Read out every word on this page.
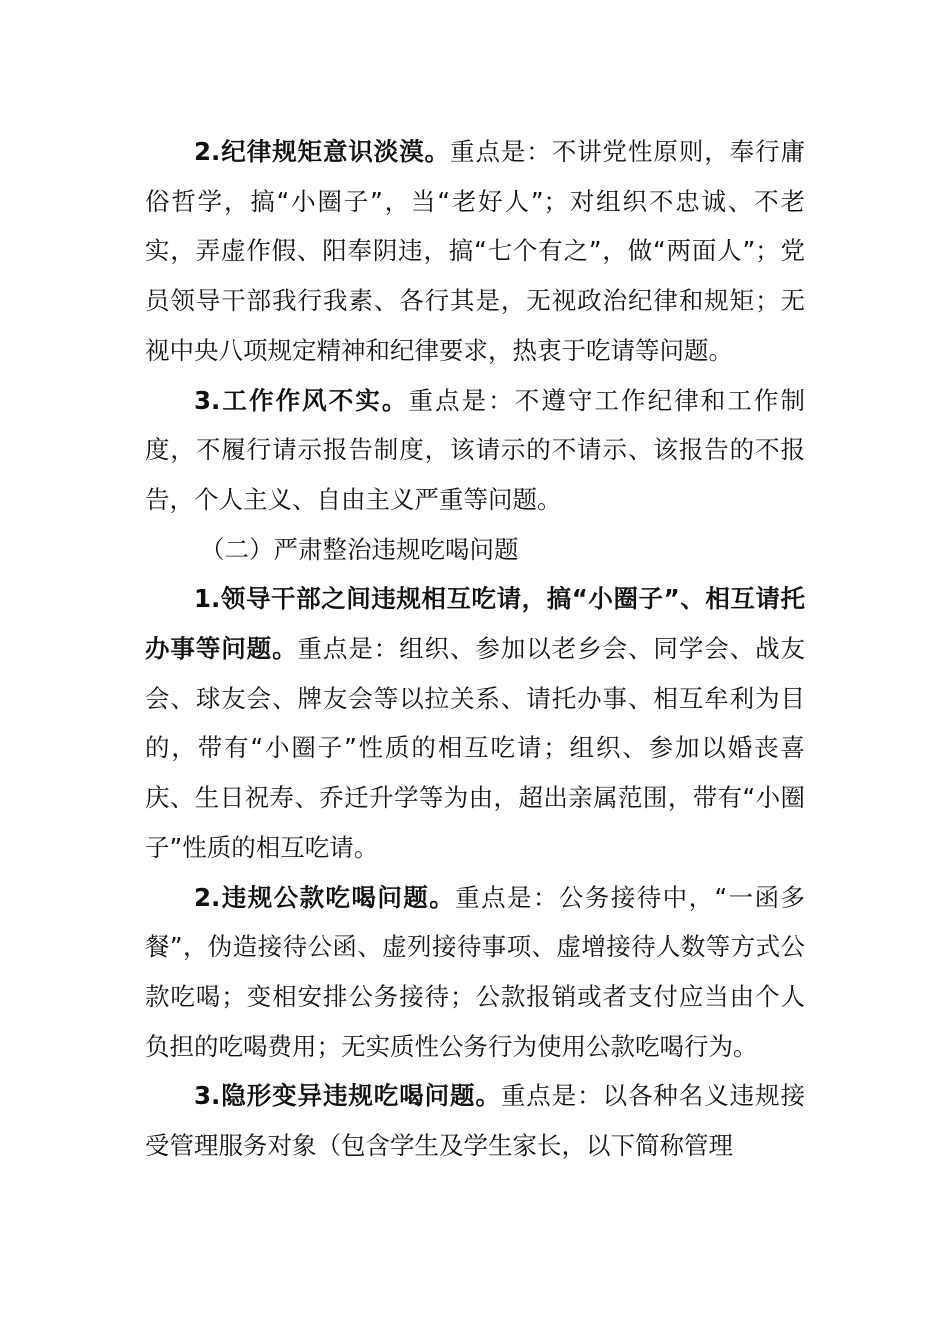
2.纪律规矩意识淡漠。重点是：不讲党性原则，奉行庸俗哲学，搞“小圈子”，当“老好人”；对组织不忠诚、不老实，弄虚作假、阳奉阴违，搞“七个有之”，做“两面人”；党员领导干部我行我素、各行其是，无视政治纪律和规矩；无视中央八项规定精神和纪律要求，热衷于吃请等问题。

3.工作作风不实。重点是：不遵守工作纪律和工作制度，不履行请示报告制度，该请示的不请示、该报告的不报告，个人主义、自由主义严重等问题。

（二）严肃整治违规吃喝问题

1.领导干部之间违规相互吃请，搞“小圈子”、相互请托办事等问题。重点是：组织、参加以老乡会、同学会、战友会、球友会、牌友会等以拉关系、请托办事、相互牟利为目的，带有“小圈子”性质的相互吃请；组织、参加以婚丧喜庆、生日祝寿、乔迁升学等为由，超出亲属范围，带有“小圈子”性质的相互吃请。

2.违规公款吃喝问题。重点是：公务接待中，“一函多餐”，伪造接待公函、虚列接待事项、虚增接待人数等方式公款吃喝；变相安排公务接待；公款报销或者支付应当由个人负担的吃喝费用；无实质性公务行为使用公款吃喝行为。

3.隐形变异违规吃喝问题。重点是：以各种名义违规接受管理服务对象（包含学生及学生家长，以下简称管理
